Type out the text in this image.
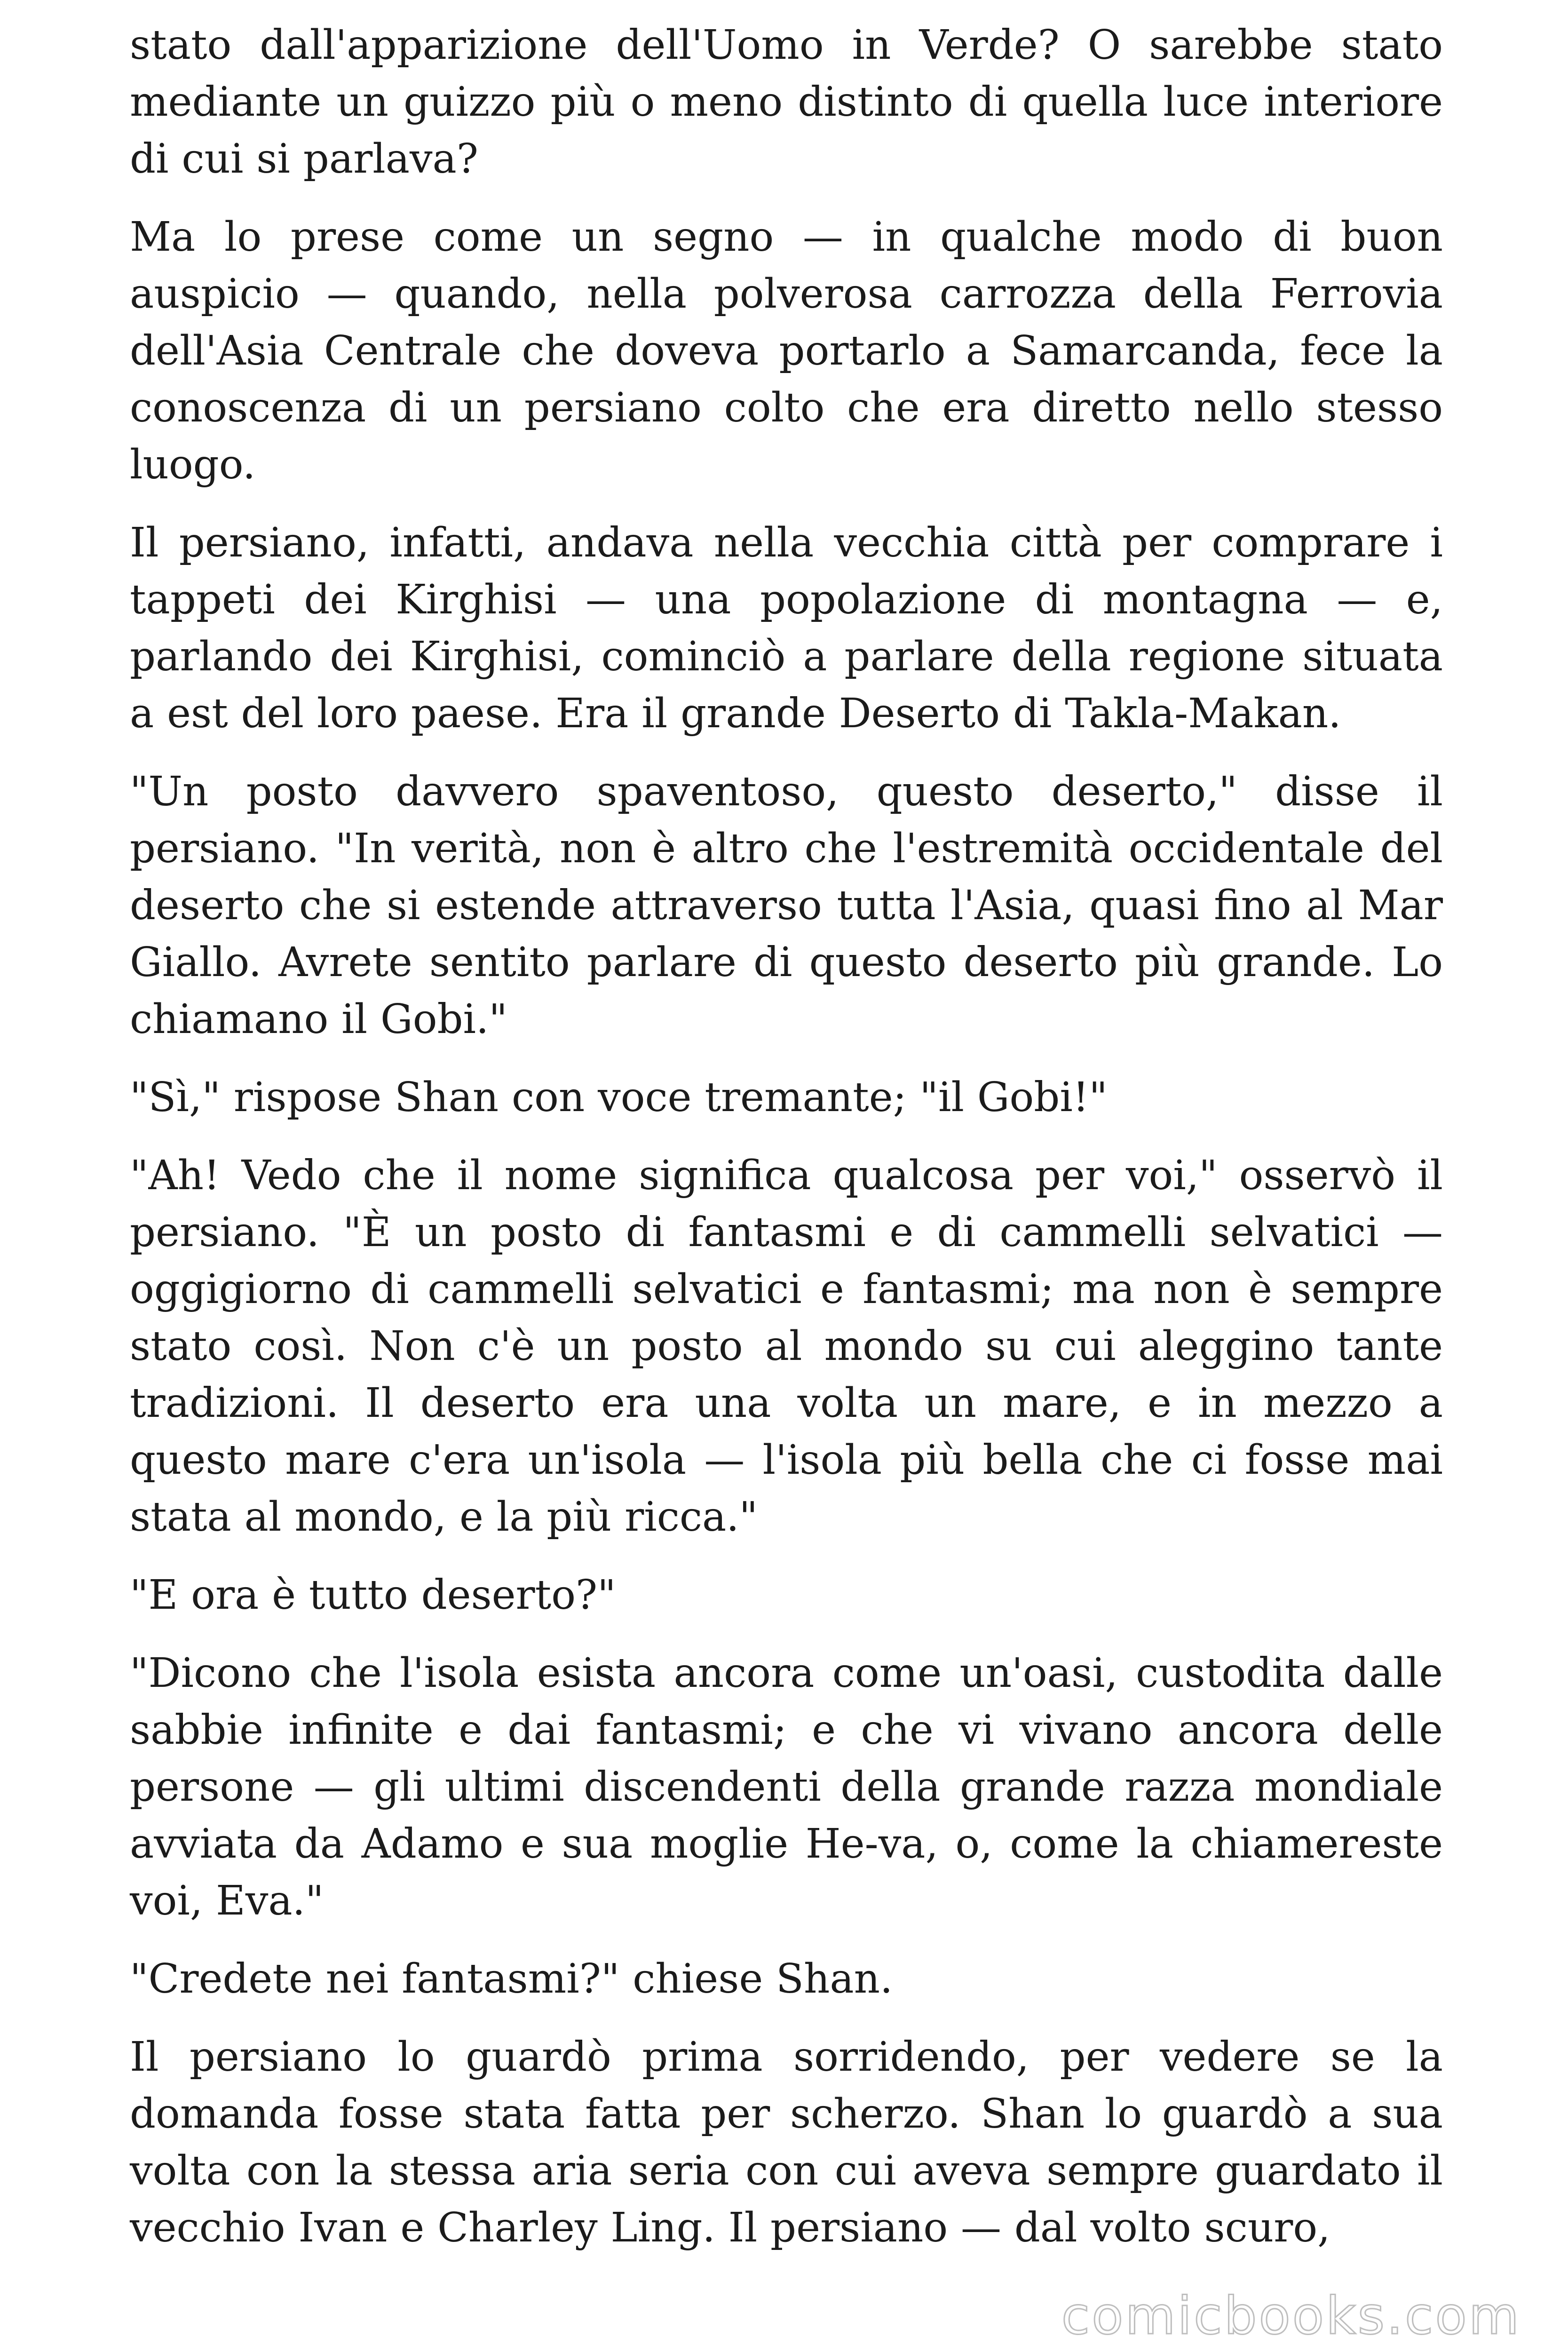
stato dall'apparizione dell'Uomo in Verde? O sarebbe stato mediante un guizzo più o meno distinto di quella luce interiore di cui si parlava?

Ma lo prese come un segno — in qualche modo di buon auspicio — quando, nella polverosa carrozza della Ferrovia dell'Asia Centrale che doveva portarlo a Samarcanda, fece la conoscenza di un persiano colto che era diretto nello stesso luogo.

Il persiano, infatti, andava nella vecchia città per comprare i tappeti dei Kirghisi — una popolazione di montagna — e, parlando dei Kirghisi, cominciò a parlare della regione situata a est del loro paese. Era il grande Deserto di Takla-Makan.

"Un posto davvero spaventoso, questo deserto," disse il persiano. "In verità, non è altro che l'estremità occidentale del deserto che si estende attraverso tutta l'Asia, quasi fino al Mar Giallo. Avrete sentito parlare di questo deserto più grande. Lo chiamano il Gobi."

"Sì," rispose Shan con voce tremante; "il Gobi!"

"Ah! Vedo che il nome significa qualcosa per voi," osservò il persiano. "È un posto di fantasmi e di cammelli selvatici — oggigiorno di cammelli selvatici e fantasmi; ma non è sempre stato così. Non c'è un posto al mondo su cui aleggino tante tradizioni. Il deserto era una volta un mare, e in mezzo a questo mare c'era un'isola — l'isola più bella che ci fosse mai stata al mondo, e la più ricca."

"E ora è tutto deserto?"

"Dicono che l'isola esista ancora come un'oasi, custodita dalle sabbie infinite e dai fantasmi; e che vi vivano ancora delle persone — gli ultimi discendenti della grande razza mondiale avviata da Adamo e sua moglie He-va, o, come la chiamereste voi, Eva."

"Credete nei fantasmi?" chiese Shan.

Il persiano lo guardò prima sorridendo, per vedere se la domanda fosse stata fatta per scherzo. Shan lo guardò a sua volta con la stessa aria seria con cui aveva sempre guardato il vecchio Ivan e Charley Ling. Il persiano — dal volto scuro,

comicbooks.com
